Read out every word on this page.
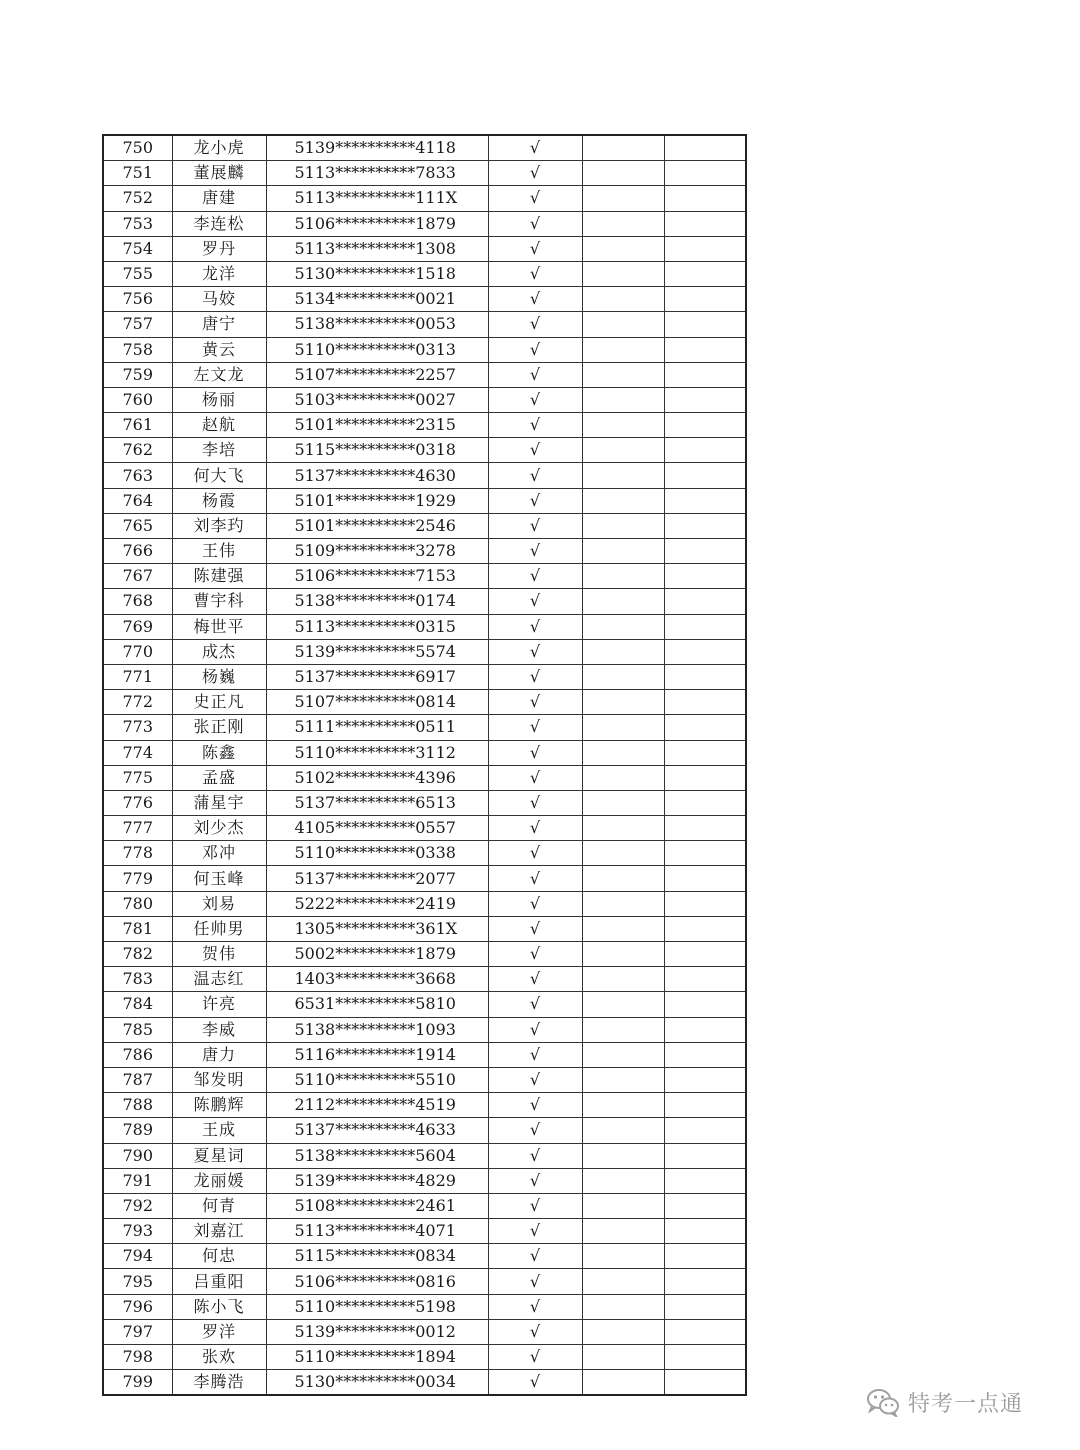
750	龙小虎	5139**********4118	√		
751	董展麟	5113**********7833	√		
752	唐建	5113**********111X	√		
753	李连松	5106**********1879	√		
754	罗丹	5113**********1308	√		
755	龙洋	5130**********1518	√		
756	马姣	5134**********0021	√		
757	唐宁	5138**********0053	√		
758	黄云	5110**********0313	√		
759	左文龙	5107**********2257	√		
760	杨丽	5103**********0027	√		
761	赵航	5101**********2315	√		
762	李培	5115**********0318	√		
763	何大飞	5137**********4630	√		
764	杨霞	5101**********1929	√		
765	刘李玓	5101**********2546	√		
766	王伟	5109**********3278	√		
767	陈建强	5106**********7153	√		
768	曹宇科	5138**********0174	√		
769	梅世平	5113**********0315	√		
770	成杰	5139**********5574	√		
771	杨巍	5137**********6917	√		
772	史正凡	5107**********0814	√		
773	张正刚	5111**********0511	√		
774	陈鑫	5110**********3112	√		
775	孟盛	5102**********4396	√		
776	蒲星宇	5137**********6513	√		
777	刘少杰	4105**********0557	√		
778	邓冲	5110**********0338	√		
779	何玉峰	5137**********2077	√		
780	刘易	5222**********2419	√		
781	任帅男	1305**********361X	√		
782	贺伟	5002**********1879	√		
783	温志红	1403**********3668	√		
784	许亮	6531**********5810	√		
785	李威	5138**********1093	√		
786	唐力	5116**********1914	√		
787	邹发明	5110**********5510	√		
788	陈鹏辉	2112**********4519	√		
789	王成	5137**********4633	√		
790	夏星词	5138**********5604	√		
791	龙丽媛	5139**********4829	√		
792	何青	5108**********2461	√		
793	刘嘉江	5113**********4071	√		
794	何忠	5115**********0834	√		
795	吕重阳	5106**********0816	√		
796	陈小飞	5110**********5198	√		
797	罗洋	5139**********0012	√		
798	张欢	5110**********1894	√		
799	李腾浩	5130**********0034	√		
特考一点通
